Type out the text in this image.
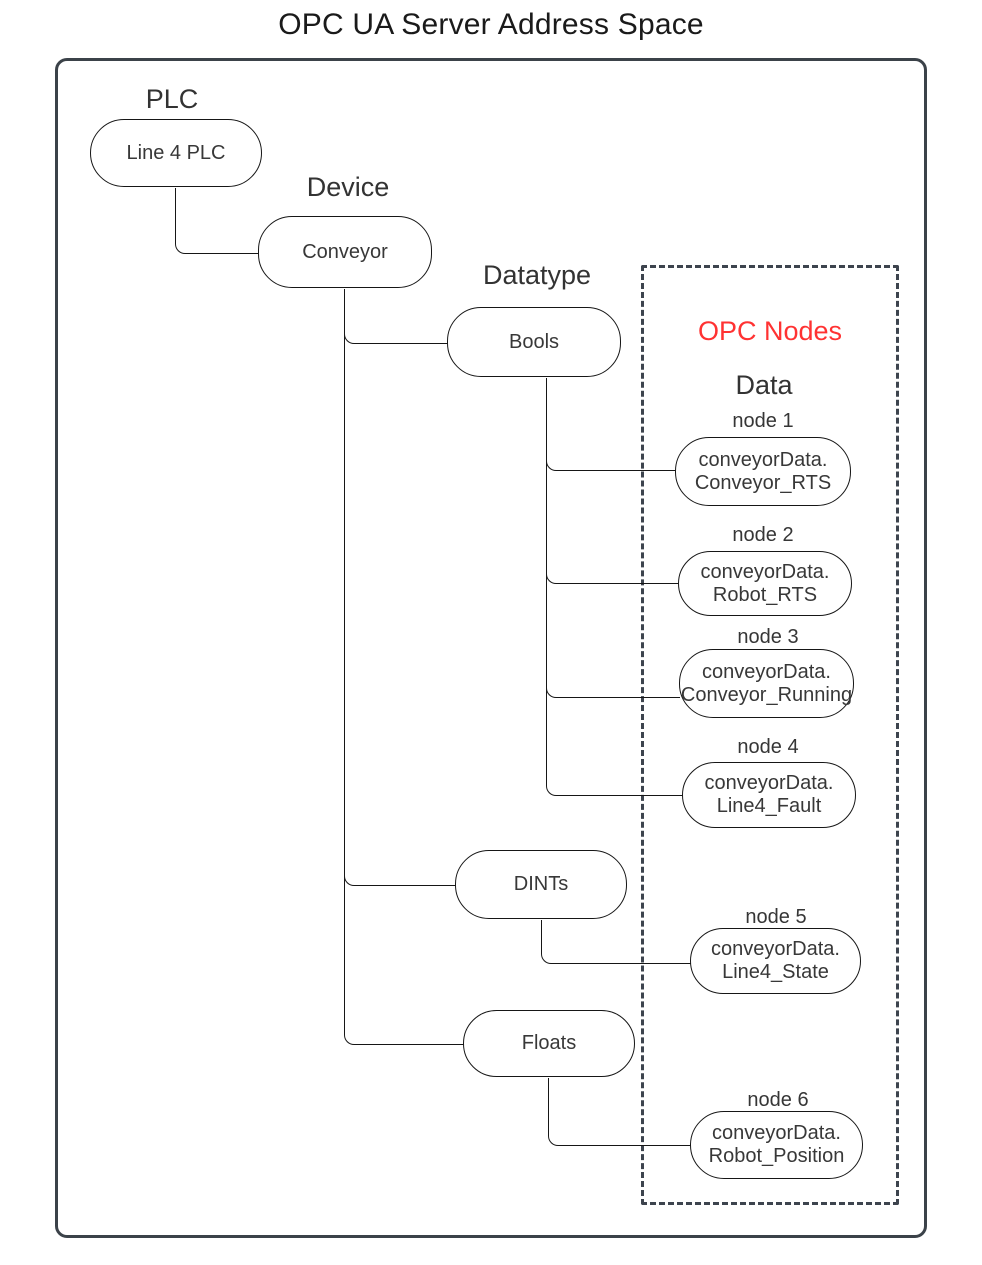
OPC UA Server Address Space
PLC
Device
Datatype
OPC Nodes
Data
Line 4 PLC
Conveyor
Bools
DINTs
Floats
node 1
node 2
node 3
node 4
node 5
node 6
conveyorData.
Conveyor_RTS
conveyorData.
Robot_RTS
conveyorData.
Conveyor_Running
conveyorData.
Line4_Fault
conveyorData.
Line4_State
conveyorData.
Robot_Position
